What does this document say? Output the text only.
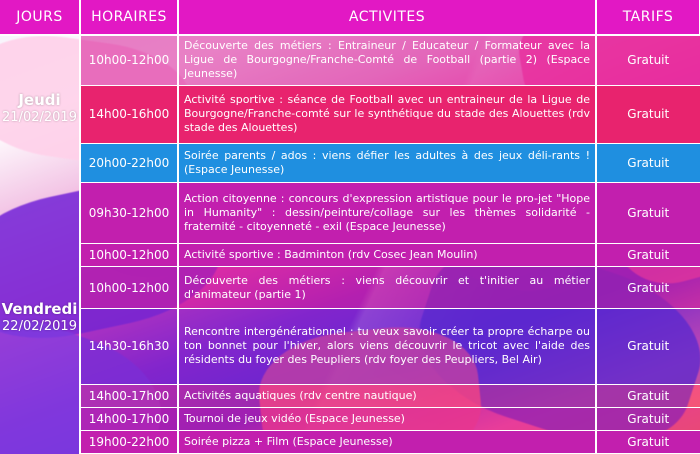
JOURS	HORAIRES	ACTIVITES	TARIFS

Jeudi
21/02/2019	10h00-12h00	Découverte des métiers : Entraineur / Educateur / Formateur avec la Ligue de Bourgogne/Franche-Comté de Football (partie 2) (Espace Jeunesse)	Gratuit
	14h00-16h00	Activité sportive : séance de Football avec un entraineur de la Ligue de Bourgogne/Franche-comté sur le synthétique du stade des Alouettes (rdv stade des Alouettes)	Gratuit
	20h00-22h00	Soirée parents / ados : viens défier les adultes à des jeux déli-rants ! (Espace Jeunesse)	Gratuit

Vendredi
22/02/2019	09h30-12h00	Action citoyenne : concours d'expression artistique pour le pro-jet "Hope in Humanity" : dessin/peinture/collage sur les thèmes solidarité - fraternité - citoyenneté - exil (Espace Jeunesse)	Gratuit
	10h00-12h00	Activité sportive : Badminton (rdv Cosec Jean Moulin)	Gratuit
	10h00-12h00	Découverte des métiers : viens découvrir et t'initier au métier d'animateur (partie 1)	Gratuit
	14h30-16h30	Rencontre intergénérationnel : tu veux savoir créer ta propre écharpe ou ton bonnet pour l'hiver, alors viens découvrir le tricot avec l'aide des résidents du foyer des Peupliers (rdv foyer des Peupliers, Bel Air)	Gratuit
	14h00-17h00	Activités aquatiques (rdv centre nautique)	Gratuit
	14h00-17h00	Tournoi de jeux vidéo (Espace Jeunesse)	Gratuit
	19h00-22h00	Soirée pizza + Film (Espace Jeunesse)	Gratuit
